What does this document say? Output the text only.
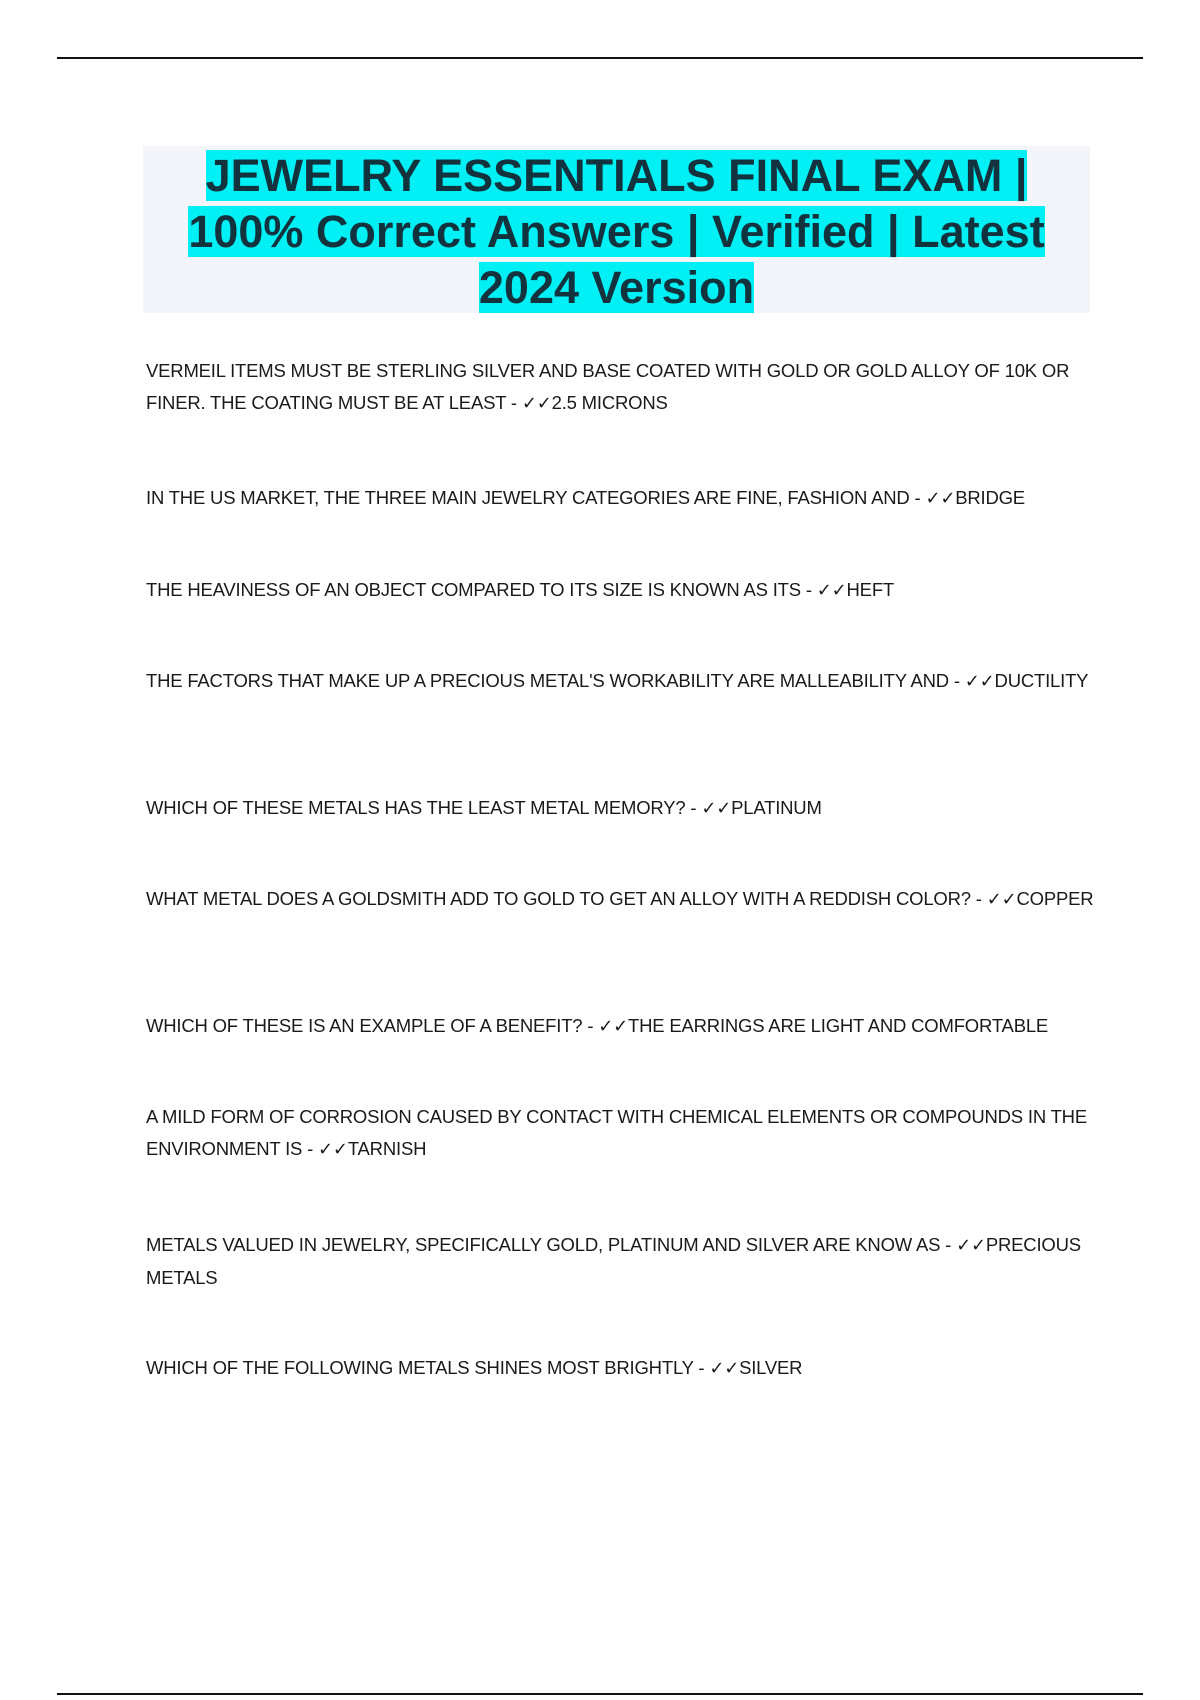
JEWELRY ESSENTIALS FINAL EXAM |
100% Correct Answers | Verified | Latest
2024 Version
VERMEIL ITEMS MUST BE STERLING SILVER AND BASE COATED WITH GOLD OR GOLD ALLOY OF 10K OR FINER. THE COATING MUST BE AT LEAST - ✓✓2.5 MICRONS
IN THE US MARKET, THE THREE MAIN JEWELRY CATEGORIES ARE FINE, FASHION AND - ✓✓BRIDGE
THE HEAVINESS OF AN OBJECT COMPARED TO ITS SIZE IS KNOWN AS ITS - ✓✓HEFT
THE FACTORS THAT MAKE UP A PRECIOUS METAL'S WORKABILITY ARE MALLEABILITY AND - ✓✓DUCTILITY
WHICH OF THESE METALS HAS THE LEAST METAL MEMORY? - ✓✓PLATINUM
WHAT METAL DOES A GOLDSMITH ADD TO GOLD TO GET AN ALLOY WITH A REDDISH COLOR? - ✓✓COPPER
WHICH OF THESE IS AN EXAMPLE OF A BENEFIT? - ✓✓THE EARRINGS ARE LIGHT AND COMFORTABLE
A MILD FORM OF CORROSION CAUSED BY CONTACT WITH CHEMICAL ELEMENTS OR COMPOUNDS IN THE ENVIRONMENT IS - ✓✓TARNISH
METALS VALUED IN JEWELRY, SPECIFICALLY GOLD, PLATINUM AND SILVER ARE KNOW AS - ✓✓PRECIOUS METALS
WHICH OF THE FOLLOWING METALS SHINES MOST BRIGHTLY - ✓✓SILVER
